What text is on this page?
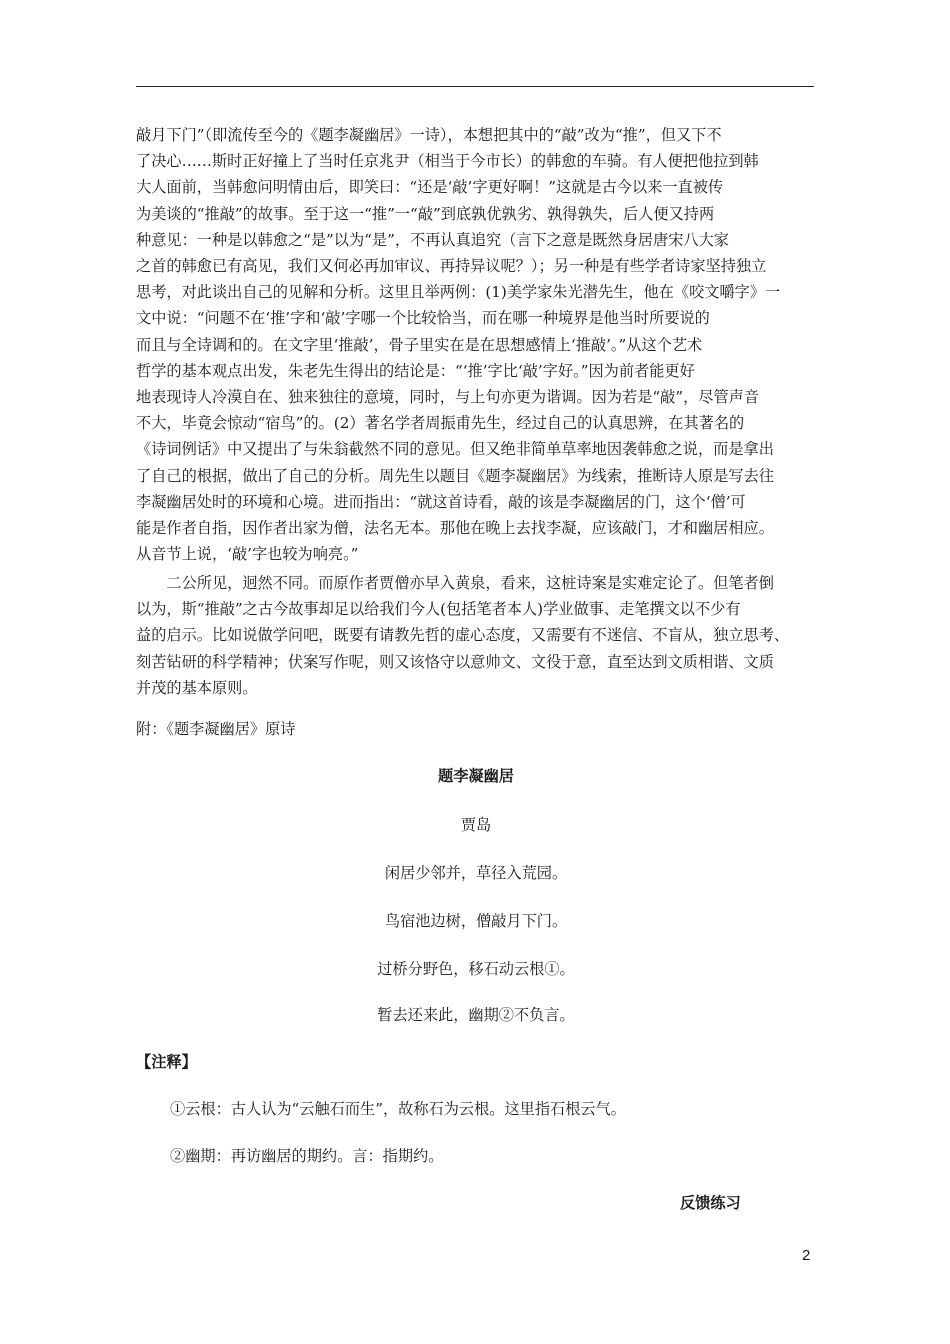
敲月下门”（即流传至今的《题李凝幽居》一诗），本想把其中的“敲”改为“推”，但又下不
了决心……斯时正好撞上了当时任京兆尹（相当于今市长）的韩愈的车骑。有人便把他拉到韩
大人面前，当韩愈问明情由后，即笑曰：“还是‘敲’字更好啊！”这就是古今以来一直被传
为美谈的“推敲”的故事。至于这一“推”一“敲”到底孰优孰劣、孰得孰失，后人便又持两
种意见：一种是以韩愈之“是”以为“是”，不再认真追究（言下之意是既然身居唐宋八大家
之首的韩愈已有高见，我们又何必再加审议、再持异议呢？）；另一种是有些学者诗家坚持独立
思考，对此谈出自己的见解和分析。这里且举两例：(1)美学家朱光潜先生，他在《咬文嚼字》一
文中说：“问题不在‘推’字和‘敲’字哪一个比较恰当，而在哪一种境界是他当时所要说的
而且与全诗调和的。在文字里‘推敲’，骨子里实在是在思想感情上‘推敲’。”从这个艺术
哲学的基本观点出发，朱老先生得出的结论是：“‘推’字比‘敲’字好。”因为前者能更好
地表现诗人冷漠自在、独来独往的意境，同时，与上句亦更为谐调。因为若是“敲”，尽管声音
不大，毕竟会惊动“宿鸟”的。(2）著名学者周振甫先生，经过自己的认真思辨，在其著名的
《诗词例话》中又提出了与朱翁截然不同的意见。但又绝非简单草率地因袭韩愈之说，而是拿出
了自己的根据，做出了自己的分析。周先生以题目《题李凝幽居》为线索，推断诗人原是写去往
李凝幽居处时的环境和心境。进而指出：“就这首诗看，敲的该是李凝幽居的门，这个‘僧’可
能是作者自指，因作者出家为僧，法名无本。那他在晚上去找李凝，应该敲门，才和幽居相应。
从音节上说，‘敲’字也较为响亮。”
　　二公所见，迥然不同。而原作者贾僧亦早入黄泉，看来，这桩诗案是实难定论了。但笔者倒
以为，斯“推敲”之古今故事却足以给我们今人(包括笔者本人)学业做事、走笔撰文以不少有
益的启示。比如说做学问吧，既要有请教先哲的虚心态度，又需要有不迷信、不盲从，独立思考、
刻苦钻研的科学精神；伏案写作呢，则又该恪守以意帅文、文役于意，直至达到文质相谐、文质
并茂的基本原则。

附：《题李凝幽居》原诗

题李凝幽居

贾岛

闲居少邻并，草径入荒园。

鸟宿池边树，僧敲月下门。

过桥分野色，移石动云根①。

暂去还来此，幽期②不负言。

【注释】

①云根：古人认为“云触石而生”，故称石为云根。这里指石根云气。

②幽期：再访幽居的期约。言：指期约。

反馈练习

2
